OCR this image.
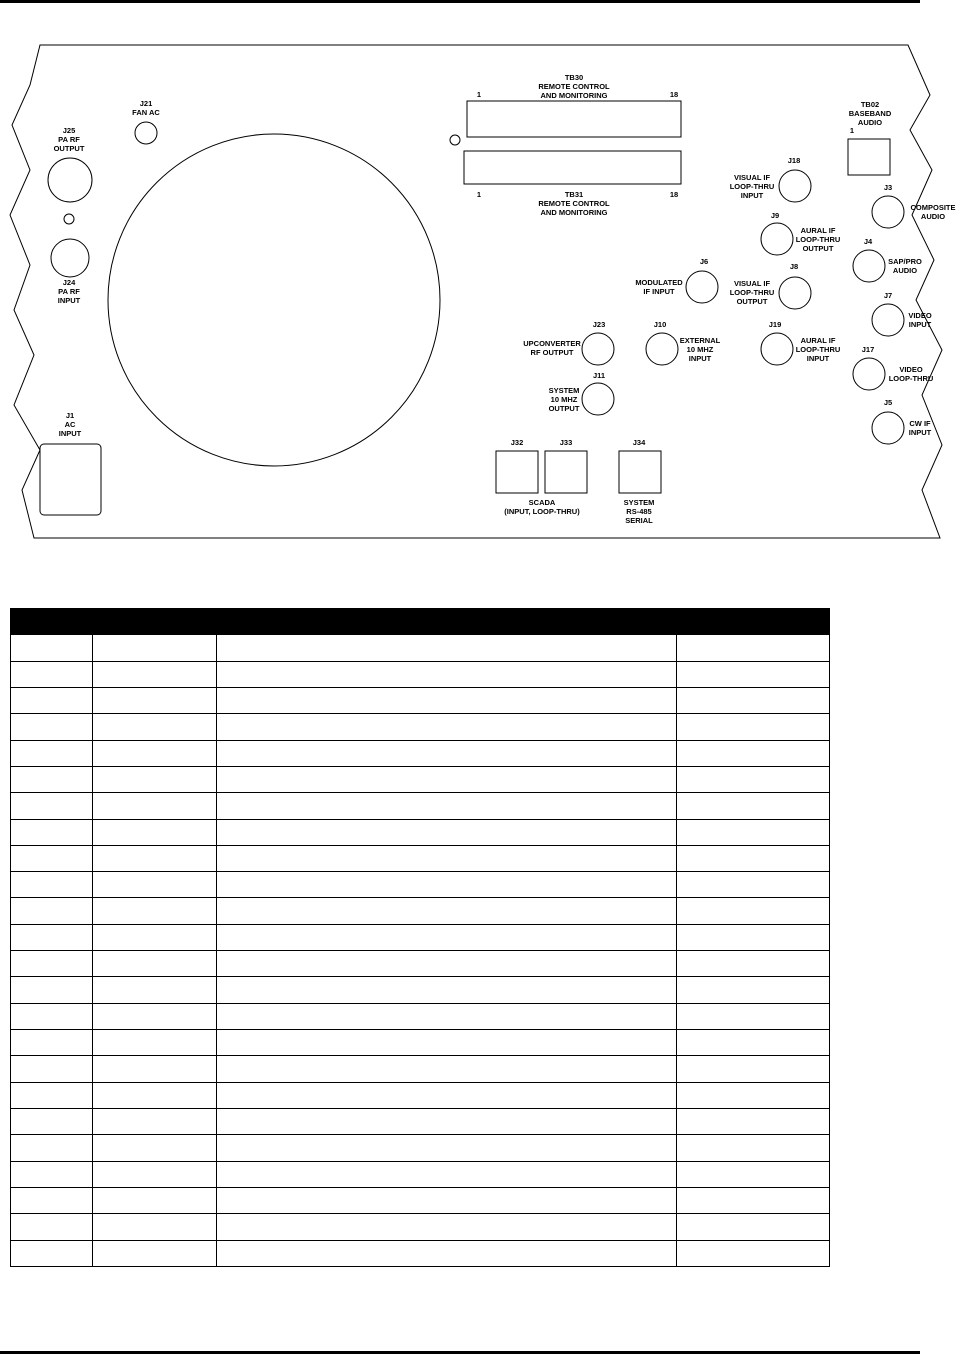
TB30
REMOTE CONTROL
AND MONITORING
1	18
1	18
TB31
REMOTE CONTROL
AND MONITORING
J21
FAN AC
J25
PA RF
OUTPUT
J24
PA RF
INPUT
J1
AC
INPUT
TB02
BASEBAND
AUDIO
1
J18
VISUAL IF
LOOP-THRU
INPUT
J3
COMPOSITE
AUDIO
J9
AURAL IF
LOOP-THRU
OUTPUT
J4
SAP/PRO
AUDIO
J6
MODULATED
IF INPUT
J8
VISUAL IF
LOOP-THRU
OUTPUT
J7
VIDEO
INPUT
J23
UPCONVERTER
RF OUTPUT
J10
EXTERNAL
10 MHZ
INPUT
J19
AURAL IF
LOOP-THRU
INPUT
J17
VIDEO
LOOP-THRU
J11
SYSTEM
10 MHZ
OUTPUT
J5
CW IF
INPUT
J32	J33	J34
SCADA
(INPUT, LOOP-THRU)
SYSTEM
RS-485
SERIAL
